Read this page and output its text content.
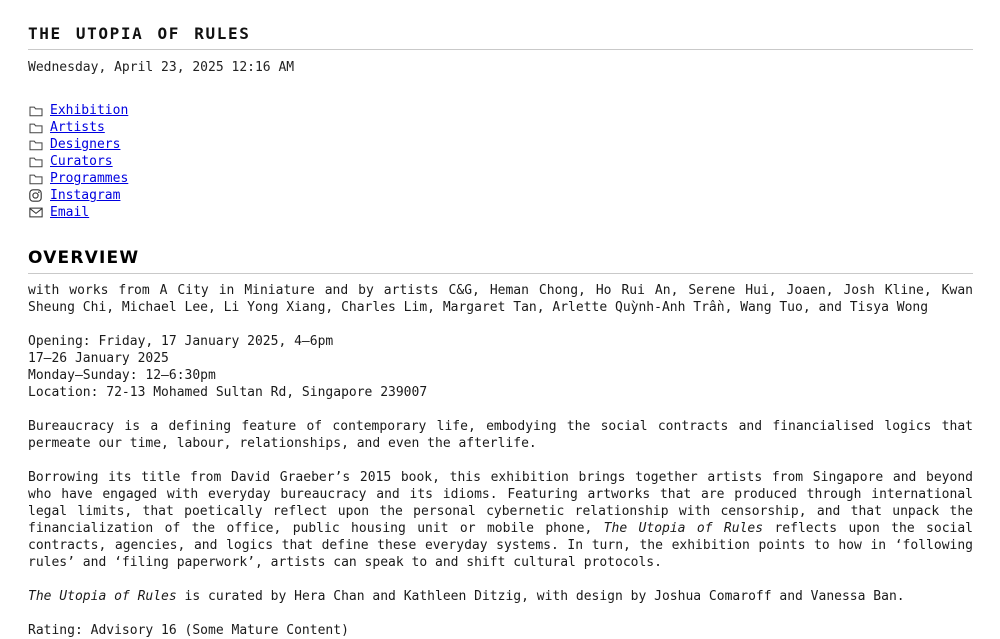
THE UTOPIA OF RULES
Wednesday, April 23, 2025 12:16 AM
Exhibition
Artists
Designers
Curators
Programmes
Instagram
Email
OVERVIEW

with works from A City in Miniature and by artists C&G, Heman Chong, Ho Rui An, Serene Hui, Joaen, Josh Kline, Kwan Sheung Chi, Michael Lee, Li Yong Xiang, Charles Lim, Margaret Tan, Arlette Quỳnh-Anh Trần, Wang Tuo, and Tisya Wong

Opening: Friday, 17 January 2025, 4–6pm
17–26 January 2025
Monday–Sunday: 12–6:30pm
Location: 72-13 Mohamed Sultan Rd, Singapore 239007

Bureaucracy is a defining feature of contemporary life, embodying the social contracts and financialised logics that permeate our time, labour, relationships, and even the afterlife.

Borrowing its title from David Graeber’s 2015 book, this exhibition brings together artists from Singapore and beyond who have engaged with everyday bureaucracy and its idioms. Featuring artworks that are produced through international legal limits, that poetically reflect upon the personal cybernetic relationship with censorship, and that unpack the financialization of the office, public housing unit or mobile phone, The Utopia of Rules reflects upon the social contracts, agencies, and logics that define these everyday systems. In turn, the exhibition points to how in ‘following rules’ and ‘filing paperwork’, artists can speak to and shift cultural protocols.

The Utopia of Rules is curated by Hera Chan and Kathleen Ditzig, with design by Joshua Comaroff and Vanessa Ban.

Rating: Advisory 16 (Some Mature Content)
